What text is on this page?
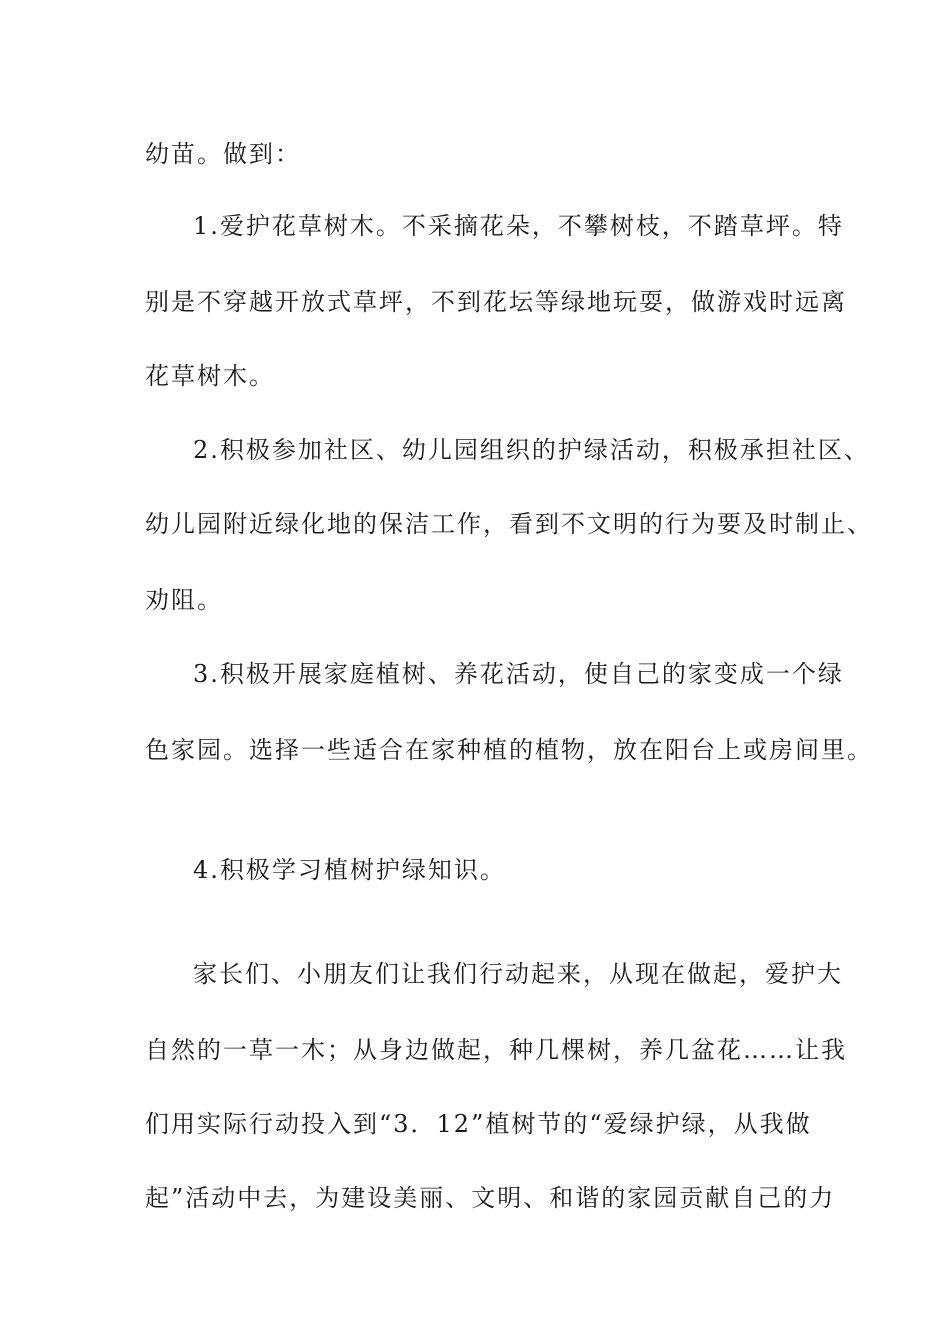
幼苗。做到：
1.爱护花草树木。不采摘花朵，不攀树枝，不踏草坪。特
别是不穿越开放式草坪，不到花坛等绿地玩耍，做游戏时远离
花草树木。
2.积极参加社区、幼儿园组织的护绿活动，积极承担社区、
幼儿园附近绿化地的保洁工作，看到不文明的行为要及时制止、
劝阻。
3.积极开展家庭植树、养花活动，使自己的家变成一个绿
色家园。选择一些适合在家种植的植物，放在阳台上或房间里。
4.积极学习植树护绿知识。
家长们、小朋友们让我们行动起来，从现在做起，爱护大
自然的一草一木；从身边做起，种几棵树，养几盆花……让我
们用实际行动投入到“3．12”植树节的“爱绿护绿，从我做
起”活动中去，为建设美丽、文明、和谐的家园贡献自己的力
